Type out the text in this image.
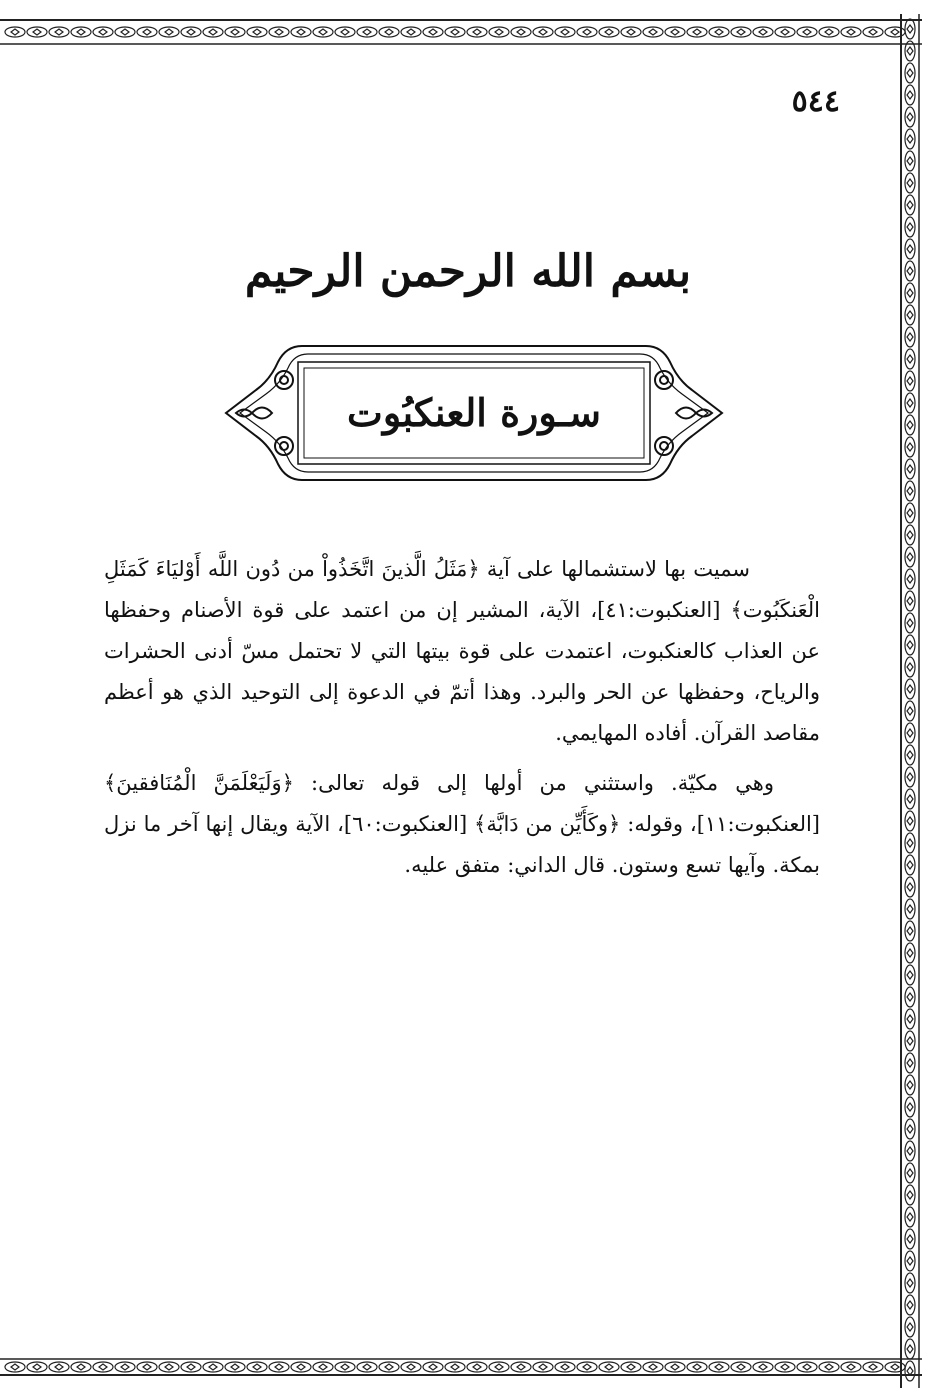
٥٤٤
بسم الله الرحمن الرحيم
سـورة العنكبُوت

سميت بها لاستشمالها على آية ﴿مَثَلُ الَّذينَ اتَّخَذُواْ من دُون اللَّه أَوْليَاءَ كَمَثَلِ الْعَنكَبُوت﴾ [العنكبوت:٤١]، الآية، المشير إن من اعتمد على قوة الأصنام وحفظها عن العذاب كالعنكبوت، اعتمدت على قوة بيتها التي لا تحتمل مسّ أدنى الحشرات والرياح، وحفظها عن الحر والبرد. وهذا أتمّ في الدعوة إلى التوحيد الذي هو أعظم مقاصد القرآن. أفاده المهايمي.

وهي مكيّة. واستثني من أولها إلى قوله تعالى: ﴿وَلَيَعْلَمَنَّ الْمُنَافقينَ﴾ [العنكبوت:١١]، وقوله: ﴿وكَأَيِّن من دَابَّة﴾ [العنكبوت:٦٠]، الآية ويقال إنها آخر ما نزل بمكة. وآيها تسع وستون. قال الداني: متفق عليه.
